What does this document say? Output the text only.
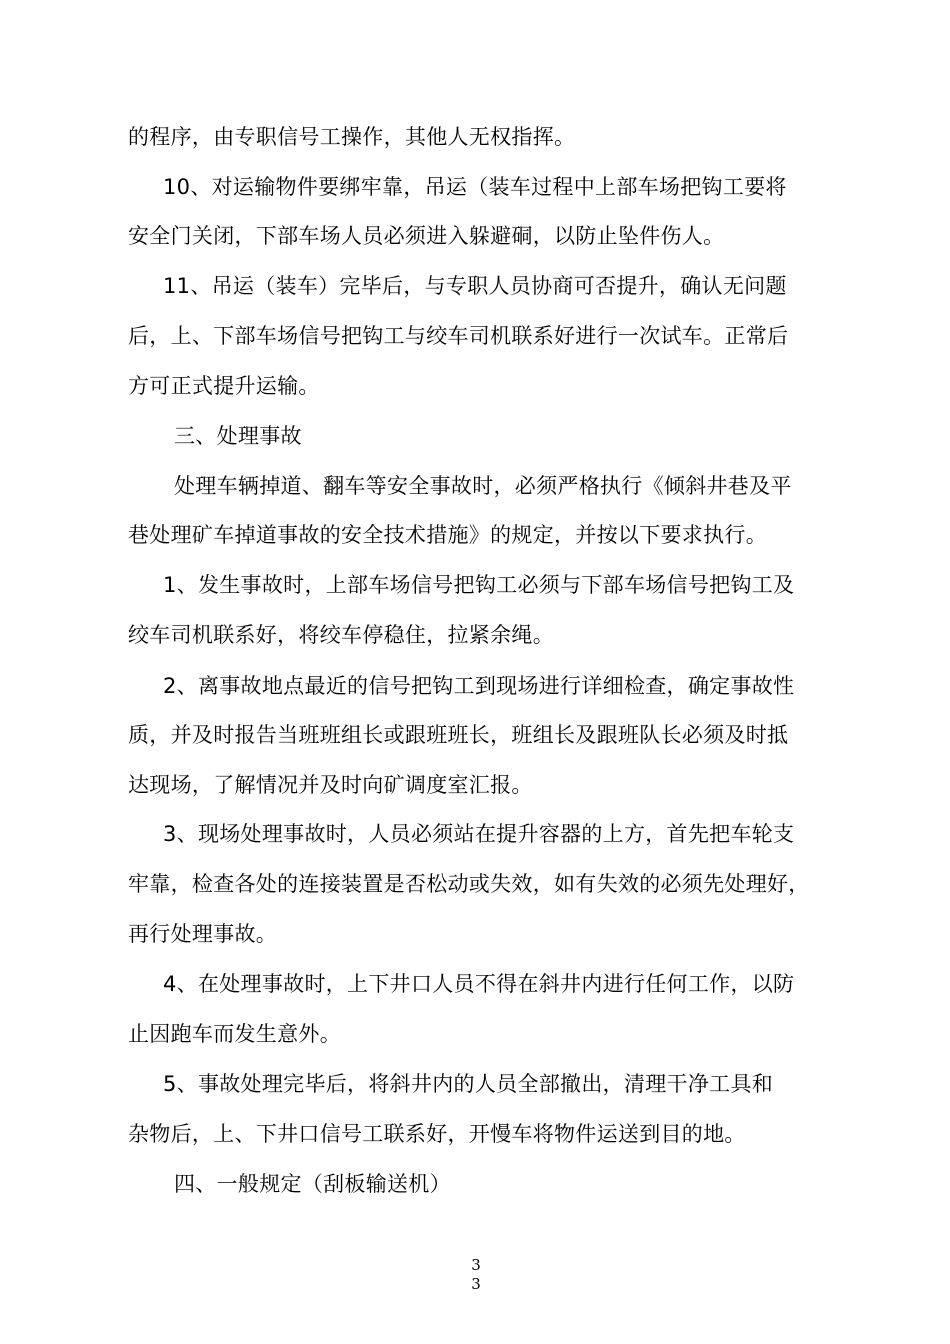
的程序，由专职信号工操作，其他人无权指挥。
10、对运输物件要绑牢靠，吊运（装车过程中上部车场把钩工要将
安全门关闭，下部车场人员必须进入躲避硐，以防止坠件伤人。
11、吊运（装车）完毕后，与专职人员协商可否提升，确认无问题
后，上、下部车场信号把钩工与绞车司机联系好进行一次试车。正常后
方可正式提升运输。
三、处理事故
处理车辆掉道、翻车等安全事故时，必须严格执行《倾斜井巷及平
巷处理矿车掉道事故的安全技术措施》的规定，并按以下要求执行。
1、发生事故时，上部车场信号把钩工必须与下部车场信号把钩工及
绞车司机联系好，将绞车停稳住，拉紧余绳。
2、离事故地点最近的信号把钩工到现场进行详细检查，确定事故性
质，并及时报告当班班组长或跟班班长，班组长及跟班队长必须及时抵
达现场，了解情况并及时向矿调度室汇报。
3、现场处理事故时，人员必须站在提升容器的上方，首先把车轮支
牢靠，检查各处的连接装置是否松动或失效，如有失效的必须先处理好，
再行处理事故。
4、在处理事故时，上下井口人员不得在斜井内进行任何工作，以防
止因跑车而发生意外。
5、事故处理完毕后，将斜井内的人员全部撤出，清理干净工具和
杂物后，上、下井口信号工联系好，开慢车将物件运送到目的地。
四、一般规定（刮板输送机）
3
3
